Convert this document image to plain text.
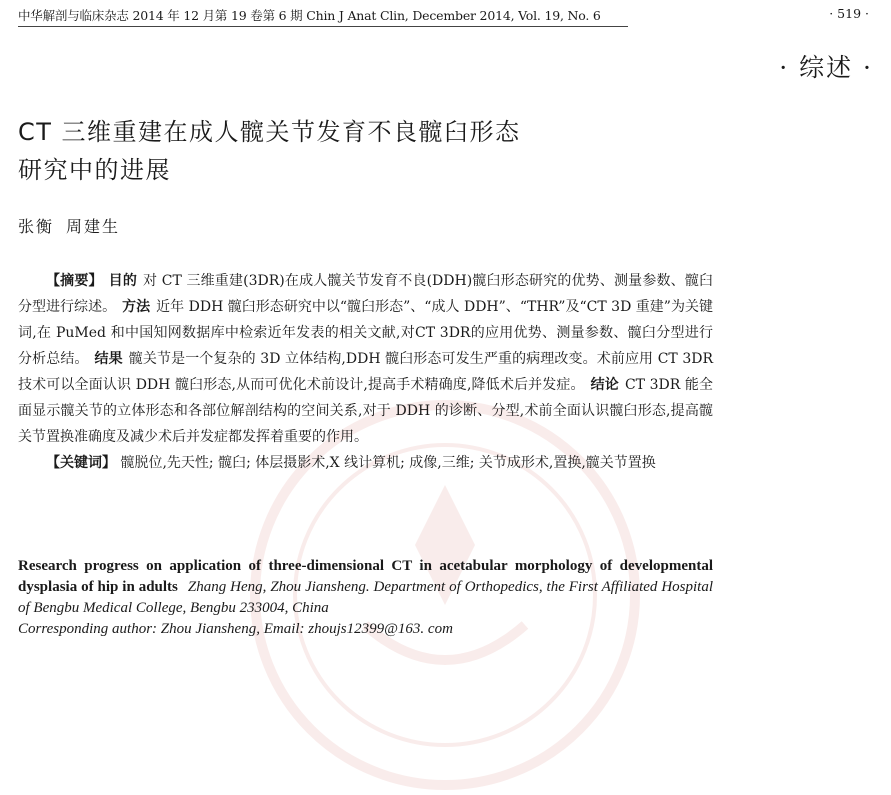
中华解剖与临床杂志 2014 年 12 月第 19 卷第 6 期 Chin J Anat Clin, December 2014, Vol. 19, No. 6	· 519 ·
· 综述 ·
CT 三维重建在成人髋关节发育不良髋臼形态
研究中的进展
张衡 周建生

【摘要】 目的 对 CT 三维重建(3DR)在成人髋关节发育不良(DDH)髋臼形态研究的优势、测量参数、髋臼分型进行综述。 方法 近年 DDH 髋臼形态研究中以“髋臼形态”、“成人 DDH”、“THR”及“CT 3D 重建”为关键词,在 PuMed 和中国知网数据库中检索近年发表的相关文献,对CT 3DR的应用优势、测量参数、髋臼分型进行分析总结。 结果 髋关节是一个复杂的 3D 立体结构,DDH 髋臼形态可发生严重的病理改变。术前应用 CT 3DR 技术可以全面认识 DDH 髋臼形态,从而可优化术前设计,提高手术精确度,降低术后并发症。 结论 CT 3DR 能全面显示髋关节的立体形态和各部位解剖结构的空间关系,对于 DDH 的诊断、分型,术前全面认识髋臼形态,提高髋关节置换准确度及减少术后并发症都发挥着重要的作用。

【关键词】 髋脱位,先天性; 髋臼; 体层摄影术,X 线计算机; 成像,三维; 关节成形术,置换,髋关节置换

Research progress on application of three-dimensional CT in acetabular morphology of developmental dysplasia of hip in adults Zhang Heng, Zhou Jiansheng. Department of Orthopedics, the First Affiliated Hospital of Bengbu Medical College, Bengbu 233004, China

Corresponding author: Zhou Jiansheng, Email: zhoujs12399@163. com
